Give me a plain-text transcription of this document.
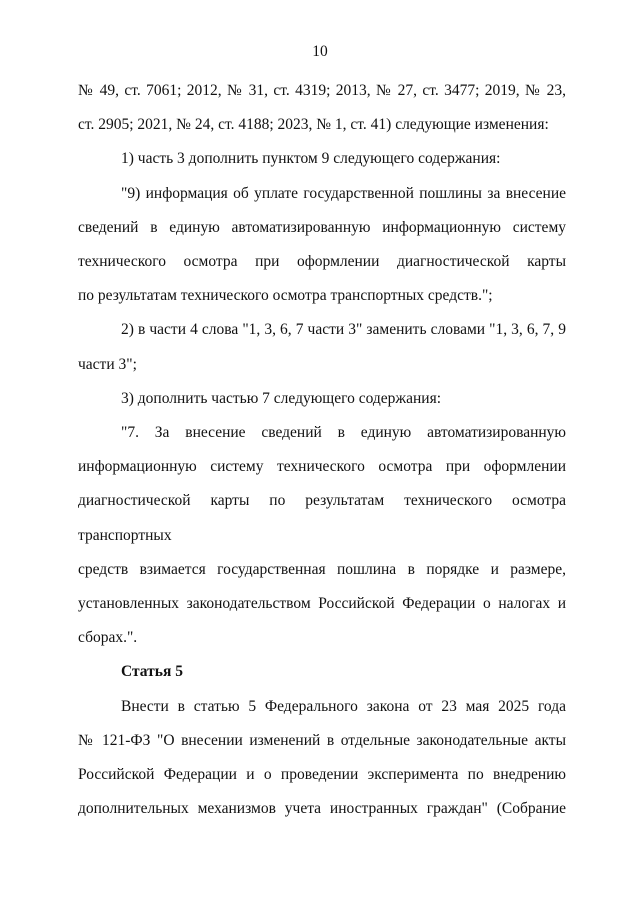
10

№ 49, ст. 7061; 2012, № 31, ст. 4319; 2013, № 27, ст. 3477; 2019, № 23,

ст. 2905; 2021, № 24, ст. 4188; 2023, № 1, ст. 41) следующие изменения:

1) часть 3 дополнить пунктом 9 следующего содержания:

"9) информация об уплате государственной пошлины за внесение

сведений в единую автоматизированную информационную систему

технического осмотра при оформлении диагностической карты

по результатам технического осмотра транспортных средств.";

2) в части 4 слова "1, 3, 6, 7 части 3" заменить словами "1, 3, 6, 7, 9

части 3";

3) дополнить частью 7 следующего содержания:

"7. За внесение сведений в единую автоматизированную

информационную систему технического осмотра при оформлении

диагностической карты по результатам технического осмотра транспортных

средств взимается государственная пошлина в порядке и размере,

установленных законодательством Российской Федерации о налогах и

сборах.".

Статья 5

Внести в статью 5 Федерального закона от 23 мая 2025 года

№ 121-ФЗ "О внесении изменений в отдельные законодательные акты

Российской Федерации и о проведении эксперимента по внедрению

дополнительных механизмов учета иностранных граждан" (Собрание
